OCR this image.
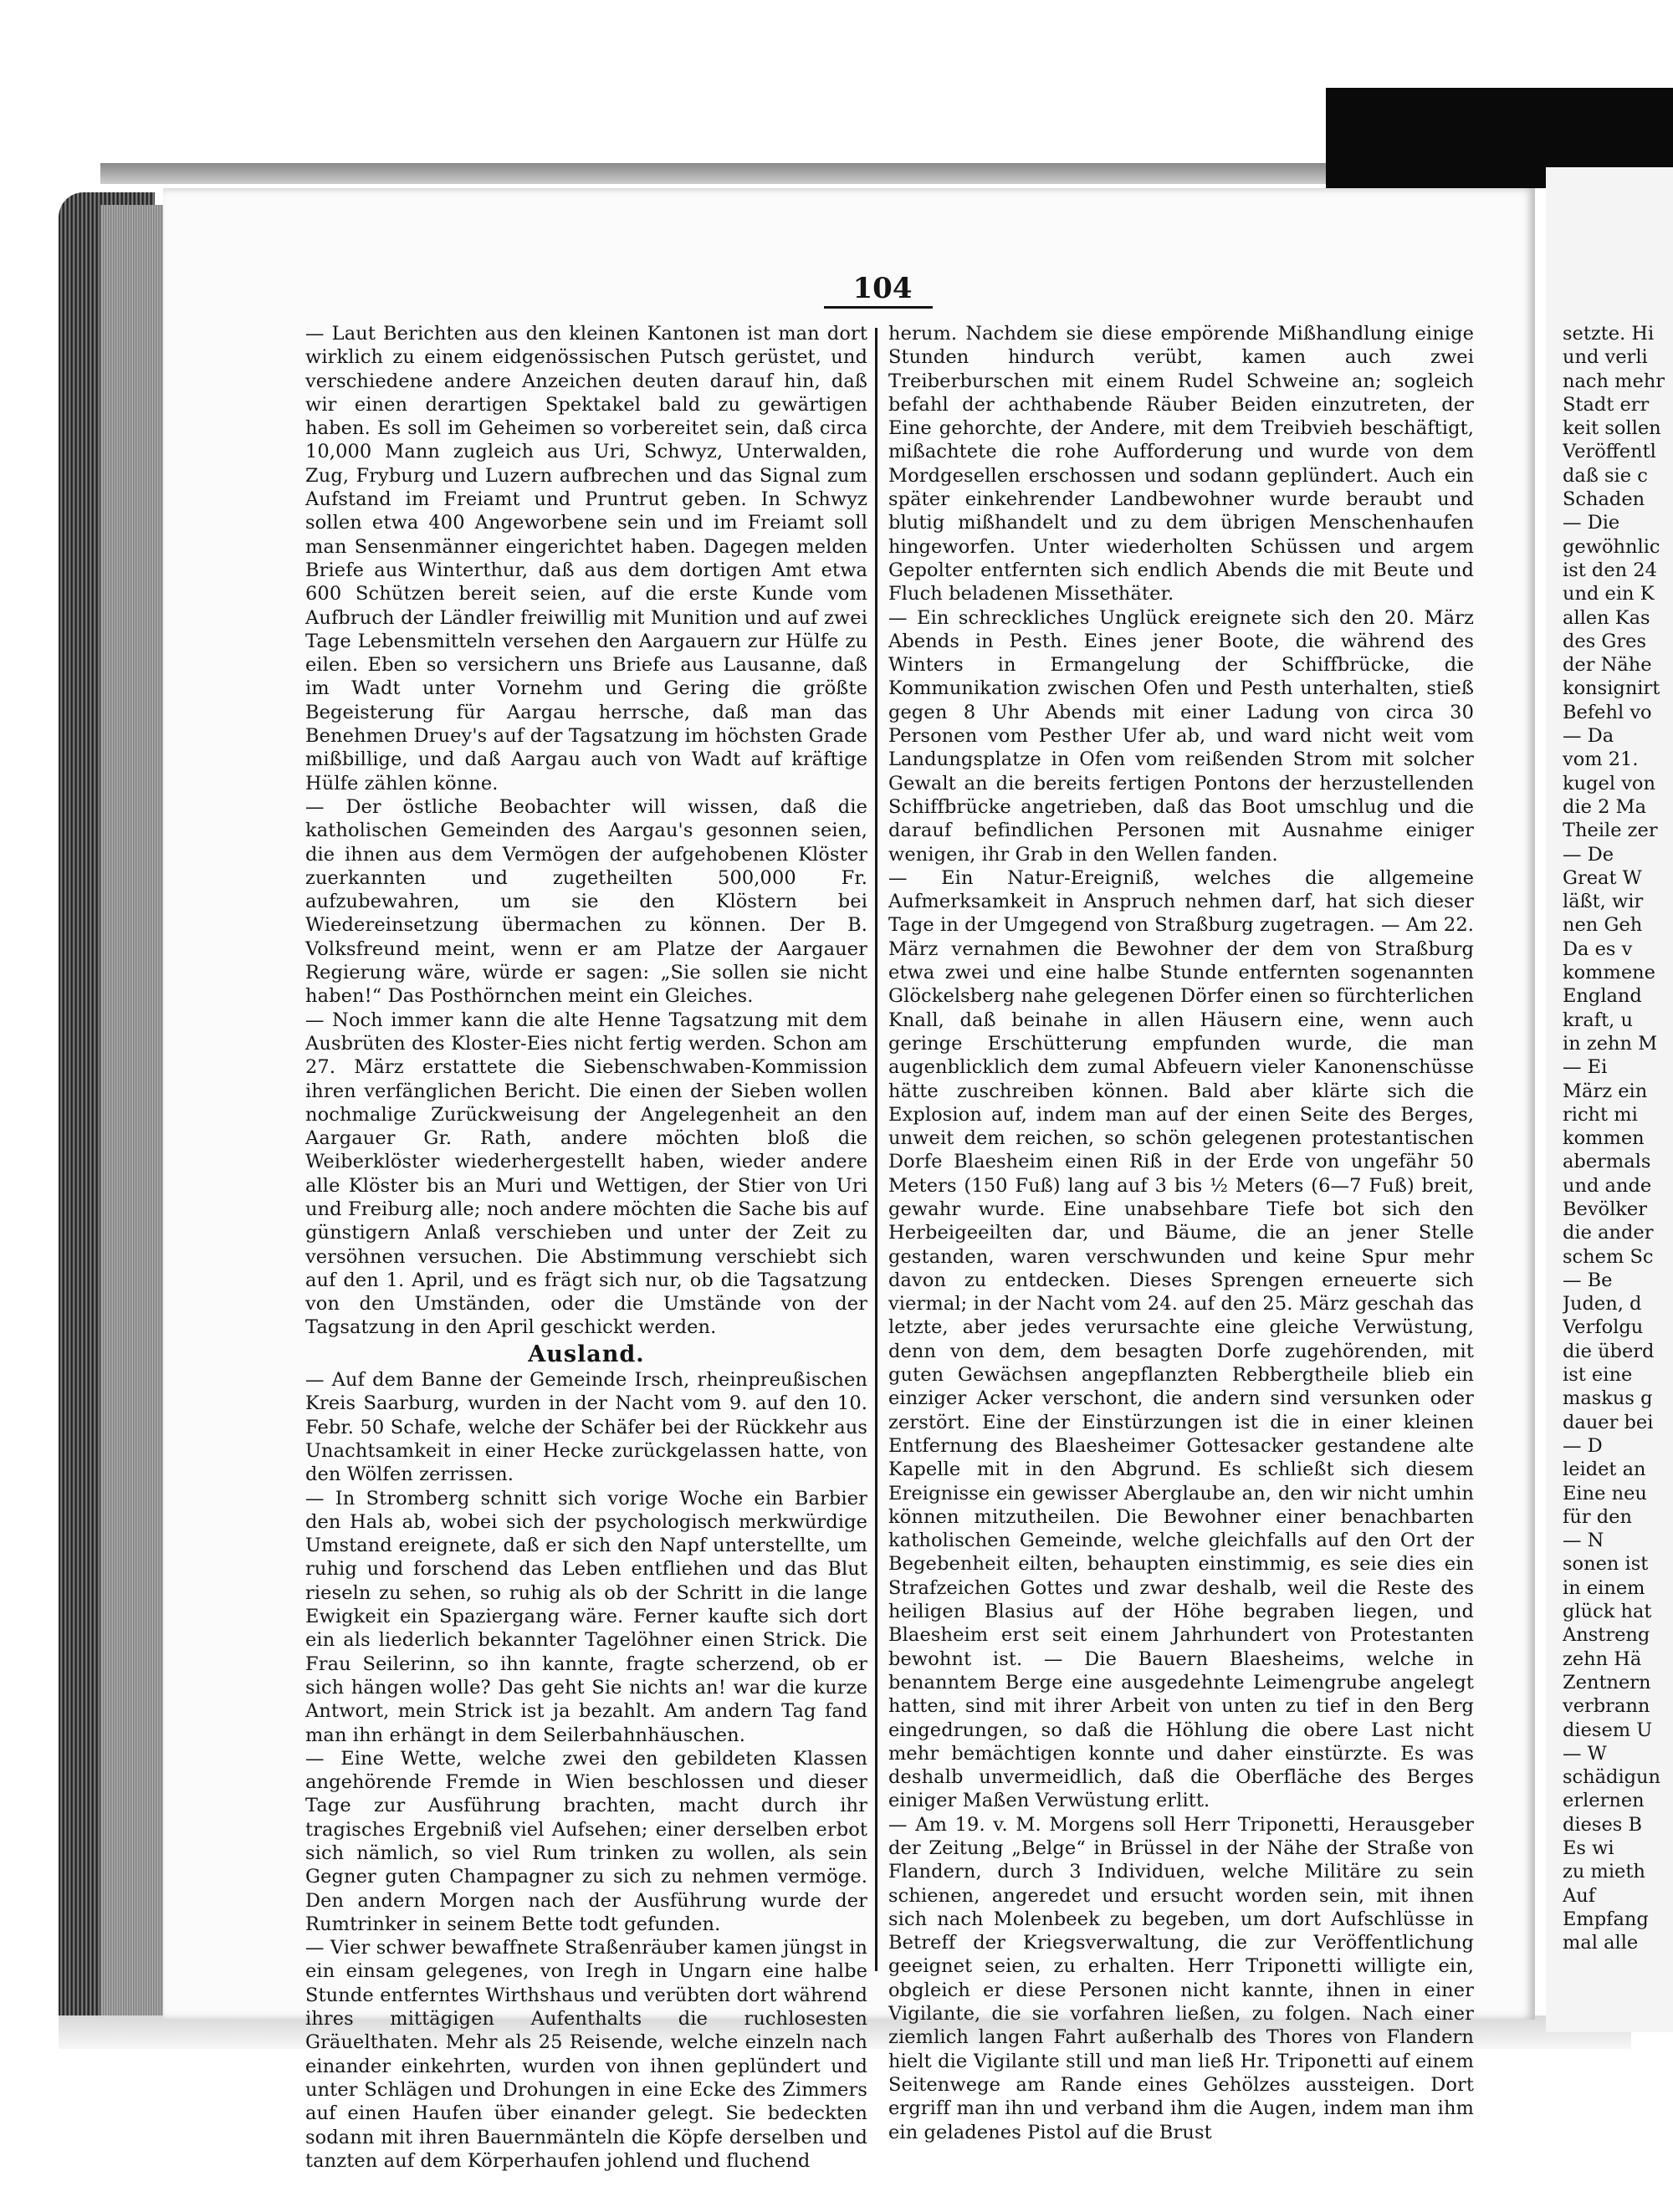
104

— Laut Berichten aus den kleinen Kantonen ist man dort wirklich zu einem eidgenössischen Putsch gerüstet, und verschiedene andere Anzeichen deuten darauf hin, daß wir einen derartigen Spektakel bald zu gewärtigen haben. Es soll im Geheimen so vorbereitet sein, daß circa 10,000 Mann zugleich aus Uri, Schwyz, Unterwalden, Zug, Fryburg und Luzern aufbrechen und das Signal zum Aufstand im Freiamt und Pruntrut geben. In Schwyz sollen etwa 400 Angeworbene sein und im Freiamt soll man Sensenmänner eingerichtet haben. Dagegen melden Briefe aus Winterthur, daß aus dem dortigen Amt etwa 600 Schützen bereit seien, auf die erste Kunde vom Aufbruch der Ländler freiwillig mit Munition und auf zwei Tage Lebensmitteln versehen den Aargauern zur Hülfe zu eilen. Eben so versichern uns Briefe aus Lausanne, daß im Wadt unter Vornehm und Gering die größte Begeisterung für Aargau herrsche, daß man das Benehmen Druey's auf der Tagsatzung im höchsten Grade mißbillige, und daß Aargau auch von Wadt auf kräftige Hülfe zählen könne.

— Der östliche Beobachter will wissen, daß die katholischen Gemeinden des Aargau's gesonnen seien, die ihnen aus dem Vermögen der aufgehobenen Klöster zuerkannten und zugetheilten 500,000 Fr. aufzubewahren, um sie den Klöstern bei Wiedereinsetzung übermachen zu können. Der B. Volksfreund meint, wenn er am Platze der Aargauer Regierung wäre, würde er sagen: „Sie sollen sie nicht haben!“ Das Posthörnchen meint ein Gleiches.

— Noch immer kann die alte Henne Tagsatzung mit dem Ausbrüten des Kloster-Eies nicht fertig werden. Schon am 27. März erstattete die Siebenschwaben-Kommission ihren verfänglichen Bericht. Die einen der Sieben wollen nochmalige Zurückweisung der Angelegenheit an den Aargauer Gr. Rath, andere möchten bloß die Weiberklöster wiederhergestellt haben, wieder andere alle Klöster bis an Muri und Wettigen, der Stier von Uri und Freiburg alle; noch andere möchten die Sache bis auf günstigern Anlaß verschieben und unter der Zeit zu versöhnen versuchen. Die Abstimmung verschiebt sich auf den 1. April, und es frägt sich nur, ob die Tagsatzung von den Umständen, oder die Umstände von der Tagsatzung in den April geschickt werden.

Ausland.

— Auf dem Banne der Gemeinde Irsch, rheinpreußischen Kreis Saarburg, wurden in der Nacht vom 9. auf den 10. Febr. 50 Schafe, welche der Schäfer bei der Rückkehr aus Unachtsamkeit in einer Hecke zurückgelassen hatte, von den Wölfen zerrissen.

— In Stromberg schnitt sich vorige Woche ein Barbier den Hals ab, wobei sich der psychologisch merkwürdige Umstand ereignete, daß er sich den Napf unterstellte, um ruhig und forschend das Leben entfliehen und das Blut rieseln zu sehen, so ruhig als ob der Schritt in die lange Ewigkeit ein Spaziergang wäre. Ferner kaufte sich dort ein als liederlich bekannter Tagelöhner einen Strick. Die Frau Seilerinn, so ihn kannte, fragte scherzend, ob er sich hängen wolle? Das geht Sie nichts an! war die kurze Antwort, mein Strick ist ja bezahlt. Am andern Tag fand man ihn erhängt in dem Seilerbahnhäuschen.

— Eine Wette, welche zwei den gebildeten Klassen angehörende Fremde in Wien beschlossen und dieser Tage zur Ausführung brachten, macht durch ihr tragisches Ergebniß viel Aufsehen; einer derselben erbot sich nämlich, so viel Rum trinken zu wollen, als sein Gegner guten Champagner zu sich zu nehmen vermöge. Den andern Morgen nach der Ausführung wurde der Rumtrinker in seinem Bette todt gefunden.

— Vier schwer bewaffnete Straßenräuber kamen jüngst in ein einsam gelegenes, von Iregh in Ungarn eine halbe Stunde entferntes Wirthshaus und verübten dort während ihres mittägigen Aufenthalts die ruchlosesten Gräuelthaten. Mehr als 25 Reisende, welche einzeln nach einander einkehrten, wurden von ihnen geplündert und unter Schlägen und Drohungen in eine Ecke des Zimmers auf einen Haufen über einander gelegt. Sie bedeckten sodann mit ihren Bauernmänteln die Köpfe derselben und tanzten auf dem Körperhaufen johlend und fluchend

herum. Nachdem sie diese empörende Mißhandlung einige Stunden hindurch verübt, kamen auch zwei Treiberburschen mit einem Rudel Schweine an; sogleich befahl der achthabende Räuber Beiden einzutreten, der Eine gehorchte, der Andere, mit dem Treibvieh beschäftigt, mißachtete die rohe Aufforderung und wurde von dem Mordgesellen erschossen und sodann geplündert. Auch ein später einkehrender Landbewohner wurde beraubt und blutig mißhandelt und zu dem übrigen Menschenhaufen hingeworfen. Unter wiederholten Schüssen und argem Gepolter entfernten sich endlich Abends die mit Beute und Fluch beladenen Missethäter.

— Ein schreckliches Unglück ereignete sich den 20. März Abends in Pesth. Eines jener Boote, die während des Winters in Ermangelung der Schiffbrücke, die Kommunikation zwischen Ofen und Pesth unterhalten, stieß gegen 8 Uhr Abends mit einer Ladung von circa 30 Personen vom Pesther Ufer ab, und ward nicht weit vom Landungsplatze in Ofen vom reißenden Strom mit solcher Gewalt an die bereits fertigen Pontons der herzustellenden Schiffbrücke angetrieben, daß das Boot umschlug und die darauf befindlichen Personen mit Ausnahme einiger wenigen, ihr Grab in den Wellen fanden.

— Ein Natur-Ereigniß, welches die allgemeine Aufmerksamkeit in Anspruch nehmen darf, hat sich dieser Tage in der Umgegend von Straßburg zugetragen. — Am 22. März vernahmen die Bewohner der dem von Straßburg etwa zwei und eine halbe Stunde entfernten sogenannten Glöckelsberg nahe gelegenen Dörfer einen so fürchterlichen Knall, daß beinahe in allen Häusern eine, wenn auch geringe Erschütterung empfunden wurde, die man augenblicklich dem zumal Abfeuern vieler Kanonenschüsse hätte zuschreiben können. Bald aber klärte sich die Explosion auf, indem man auf der einen Seite des Berges, unweit dem reichen, so schön gelegenen protestantischen Dorfe Blaesheim einen Riß in der Erde von ungefähr 50 Meters (150 Fuß) lang auf 3 bis ½ Meters (6—7 Fuß) breit, gewahr wurde. Eine unabsehbare Tiefe bot sich den Herbeigeeilten dar, und Bäume, die an jener Stelle gestanden, waren verschwunden und keine Spur mehr davon zu entdecken. Dieses Sprengen erneuerte sich viermal; in der Nacht vom 24. auf den 25. März geschah das letzte, aber jedes verursachte eine gleiche Verwüstung, denn von dem, dem besagten Dorfe zugehörenden, mit guten Gewächsen angepflanzten Rebbergtheile blieb ein einziger Acker verschont, die andern sind versunken oder zerstört. Eine der Einstürzungen ist die in einer kleinen Entfernung des Blaesheimer Gottesacker gestandene alte Kapelle mit in den Abgrund. Es schließt sich diesem Ereignisse ein gewisser Aberglaube an, den wir nicht umhin können mitzutheilen. Die Bewohner einer benachbarten katholischen Gemeinde, welche gleichfalls auf den Ort der Begebenheit eilten, behaupten einstimmig, es seie dies ein Strafzeichen Gottes und zwar deshalb, weil die Reste des heiligen Blasius auf der Höhe begraben liegen, und Blaesheim erst seit einem Jahrhundert von Protestanten bewohnt ist. — Die Bauern Blaesheims, welche in benanntem Berge eine ausgedehnte Leimengrube angelegt hatten, sind mit ihrer Arbeit von unten zu tief in den Berg eingedrungen, so daß die Höhlung die obere Last nicht mehr bemächtigen konnte und daher einstürzte. Es was deshalb unvermeidlich, daß die Oberfläche des Berges einiger Maßen Verwüstung erlitt.

— Am 19. v. M. Morgens soll Herr Triponetti, Herausgeber der Zeitung „Belge“ in Brüssel in der Nähe der Straße von Flandern, durch 3 Individuen, welche Militäre zu sein schienen, angeredet und ersucht worden sein, mit ihnen sich nach Molenbeek zu begeben, um dort Aufschlüsse in Betreff der Kriegsverwaltung, die zur Veröffentlichung geeignet seien, zu erhalten. Herr Triponetti willigte ein, obgleich er diese Personen nicht kannte, ihnen in einer Vigilante, die sie vorfahren ließen, zu folgen. Nach einer ziemlich langen Fahrt außerhalb des Thores von Flandern hielt die Vigilante still und man ließ Hr. Triponetti auf einem Seitenwege am Rande eines Gehölzes aussteigen. Dort ergriff man ihn und verband ihm die Augen, indem man ihm ein geladenes Pistol auf die Brust

setzte. Hi
und verli
nach mehr
Stadt err
keit sollen
Veröffentl
daß sie c
Schaden
— Die
gewöhnlic
ist den 24
und ein K
allen Kas
des Gres
der Nähe
konsignirt
Befehl vo
— Da
vom 21.
kugel von
die 2 Ma
Theile zer
— De
Great W
läßt, wir
nen Geh
Da es v
kommene
England
kraft, u
in zehn M
— Ei
März ein
richt mi
kommen
abermals
und ande
Bevölker
die ander
schem Sc
— Be
Juden, d
Verfolgu
die überd
ist eine
maskus g
dauer bei
— D
leidet an
Eine neu
für den
— N
sonen ist
in einem
glück hat
Anstreng
zehn Hä
Zentnern
verbrann
diesem U
— W
schädigun
erlernen
dieses B
Es wi
zu mieth
Auf
Empfang
mal alle
